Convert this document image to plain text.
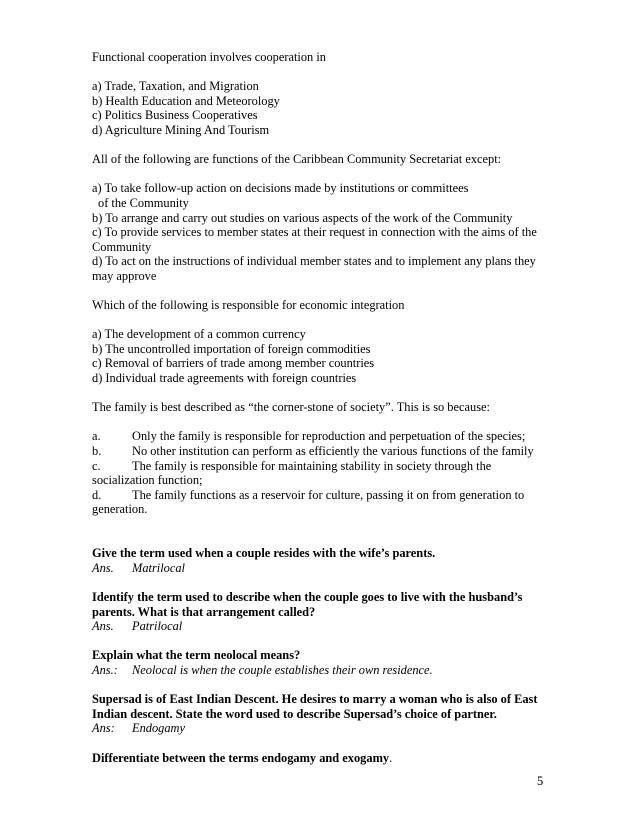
Functional cooperation involves cooperation in
a) Trade, Taxation, and Migration
b) Health Education and Meteorology
c) Politics Business Cooperatives
d) Agriculture Mining And Tourism
All of the following are functions of the Caribbean Community Secretariat except:
a) To take follow-up action on decisions made by institutions or committees
of the Community
b) To arrange and carry out studies on various aspects of the work of the Community
c) To provide services to member states at their request in connection with the aims of the Community
d) To act on the instructions of individual member states and to implement any plans they may approve
Which of the following is responsible for economic integration
a) The development of a common currency
b) The uncontrolled importation of foreign commodities
c) Removal of barriers of trade among member countries
d) Individual trade agreements with foreign countries
The family is best described as “the corner-stone of society”. This is so because:
a.	Only the family is responsible for reproduction and perpetuation of the species;
b.	No other institution can perform as efficiently the various functions of the family
c.	The family is responsible for maintaining stability in society through the
socialization function;
d.	The family functions as a reservoir for culture, passing it on from generation to
generation.
Give the term used when a couple resides with the wife’s parents.
Ans.	Matrilocal
Identify the term used to describe when the couple goes to live with the husband’s
parents. What is that arrangement called?
Ans.	Patrilocal
Explain what the term neolocal means?
Ans.:	Neolocal is when the couple establishes their own residence.
Supersad is of East Indian Descent. He desires to marry a woman who is also of East
Indian descent. State the word used to describe Supersad’s choice of partner.
Ans:	Endogamy
Differentiate between the terms endogamy and exogamy.
5
